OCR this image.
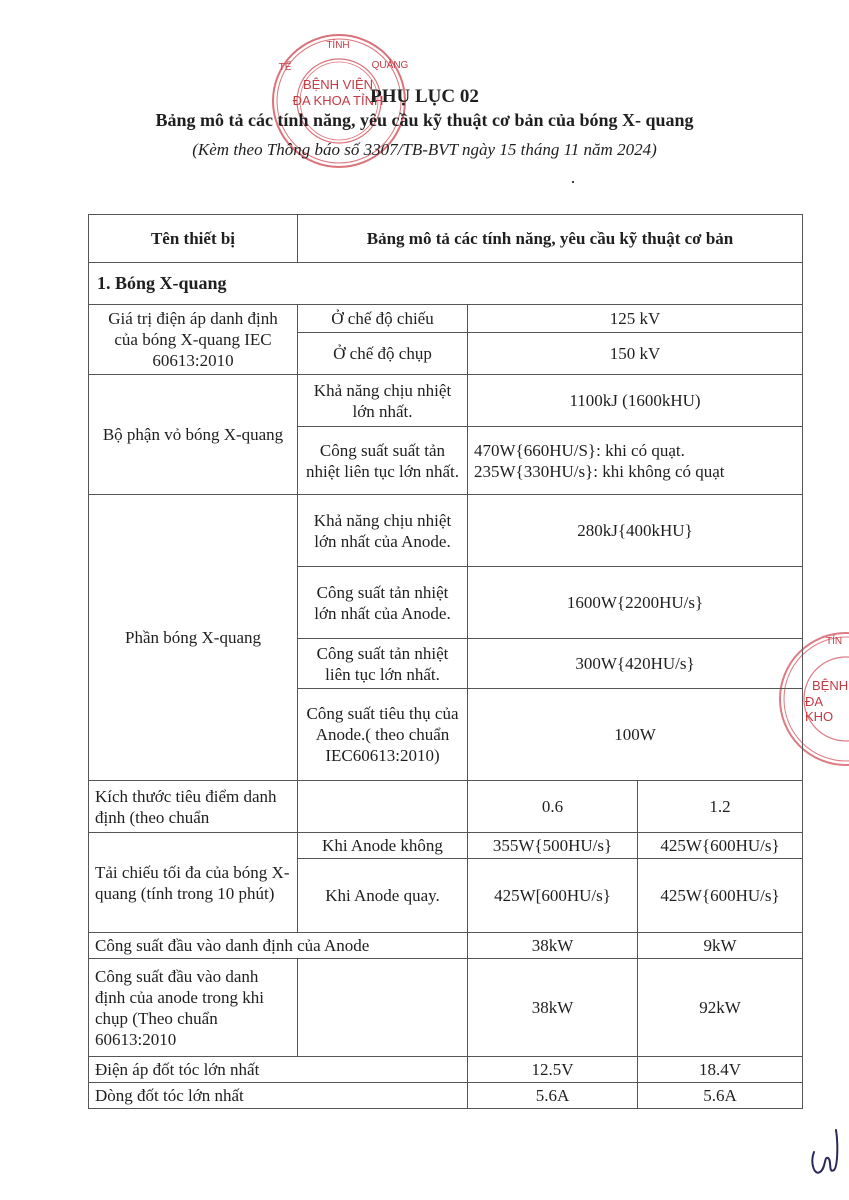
TỈNH
BỆNH VIỆN
ĐA KHOA TỈNH
TẾ	QUẢNG
TỈN
BỆNH
ĐA KHO
PHỤ LỤC 02
Bảng mô tả các tính năng, yêu cầu kỹ thuật cơ bản của bóng X- quang
(Kèm theo Thông báo số 3307/TB-BVT ngày 15 tháng 11 năm 2024)
·
Tên thiết bị	Bảng mô tả các tính năng, yêu cầu kỹ thuật cơ bản		
1. Bóng X-quang			
Giá trị điện áp danh định của bóng X-quang IEC 60613:2010	Ở chế độ chiếu	125 kV	
	Ở chế độ chụp	150 kV	
Bộ phận vỏ bóng X-quang	Khả năng chịu nhiệt lớn nhất.	1100kJ (1600kHU)	
	Công suất suất tản nhiệt liên tục lớn nhất.	470W{660HU/S}: khi có quạt.
235W{330HU/s}: khi không có quạt	

Phần bóng X-quang	Khả năng chịu nhiệt lớn nhất của Anode.	280kJ{400kHU}	
	Công suất tản nhiệt lớn nhất của Anode.	1600W{2200HU/s}	
	Công suất tản nhiệt liên tục lớn nhất.	300W{420HU/s}	
	Công suất tiêu thụ của Anode.( theo chuẩn IEC60613:2010)	100W	
Kích thước tiêu điểm danh định (theo chuẩn		0.6	1.2
Tải chiếu tối đa của bóng X-quang (tính trong 10 phút)	Khi Anode không	355W{500HU/s}	425W{600HU/s}
	Khi Anode quay.	425W[600HU/s}	425W{600HU/s}
Công suất đầu vào danh định của Anode		38kW	9kW
Công suất đầu vào danh định của anode trong khi chụp (Theo chuẩn 60613:2010		38kW	92kW
Điện áp đốt tóc lớn nhất		12.5V	18.4V
Dòng đốt tóc lớn nhất		5.6A	5.6A
